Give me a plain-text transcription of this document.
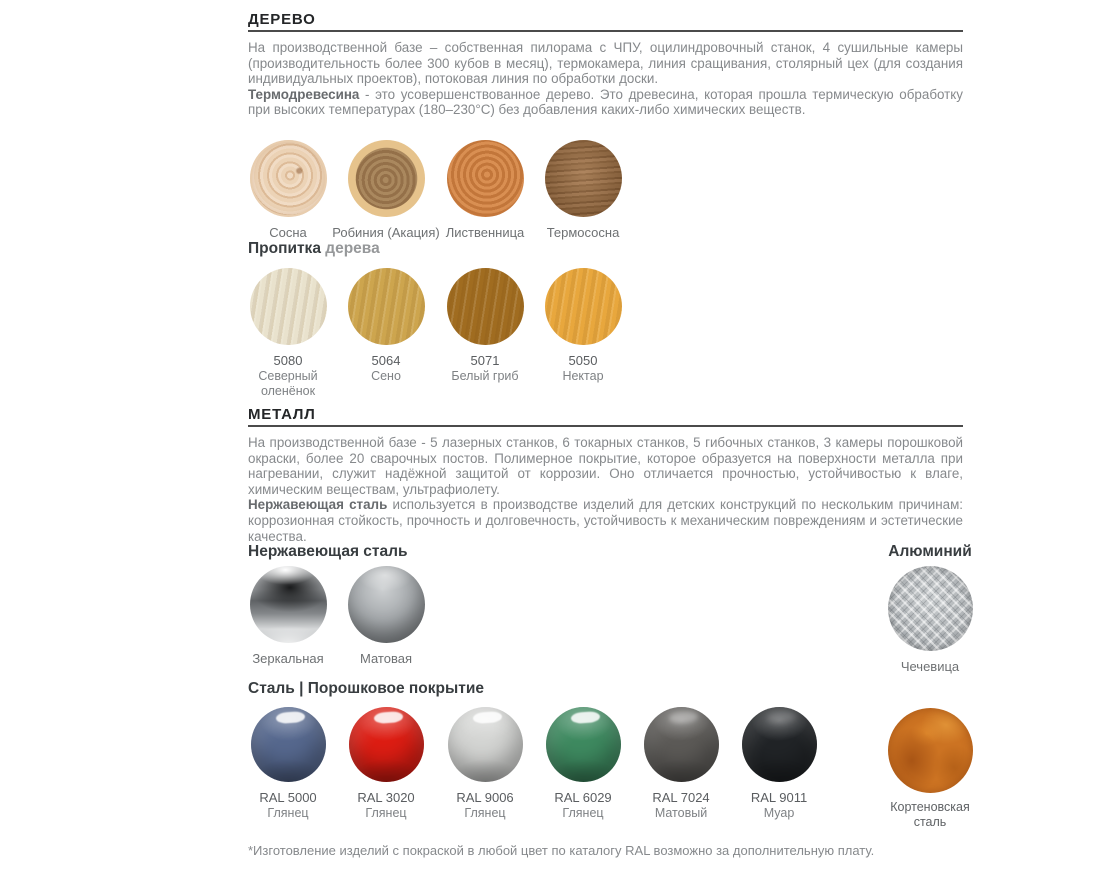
ДЕРЕВО

На производственной базе – собственная пилорама с ЧПУ, оцилиндровочный станок, 4 сушильные камеры (производительность более 300 кубов в месяц), термокамера, линия сращивания, столярный цех (для создания индивидуальных проектов), потоковая линия по обработки доски.

Термодревесина - это усовершенствованное дерево. Это древесина, которая прошла термическую обработку при высоких температурах (180–230°C) без добавления каких-либо химических веществ.

Сосна	Робиния (Акация) Лиственница	Термососна
Пропитка дерева
5080
Северный оленёнок
5064
Сено
5071
Белый гриб
5050
Нектар
МЕТАЛЛ

На производственной базе - 5 лазерных станков, 6 токарных станков, 5 гибочных станков, 3 камеры порошковой окраски, более 20 сварочных постов. Полимерное покрытие, которое образуется на поверхности металла при нагревании, служит надёжной защитой от коррозии. Оно отличается прочностью, устойчивостью к влаге, химическим веществам, ультрафиолету.

Нержавеющая сталь используется в производстве изделий для детских конструкций по нескольким причинам: коррозионная стойкость, прочность и долговечность, устойчивость к механическим повреждениям и эстетические качества.

Нержавеющая сталь	Алюминий
Зеркальная	Матовая
Чечевица
Сталь | Порошковое покрытие
RAL 5000
Глянец
RAL 3020
Глянец
RAL 9006
Глянец
RAL 6029
Глянец
RAL 7024
Матовый
RAL 9011
Муар	Кортеновская сталь

*Изготовление изделий с покраской в любой цвет по каталогу RAL возможно за дополнительную плату.
